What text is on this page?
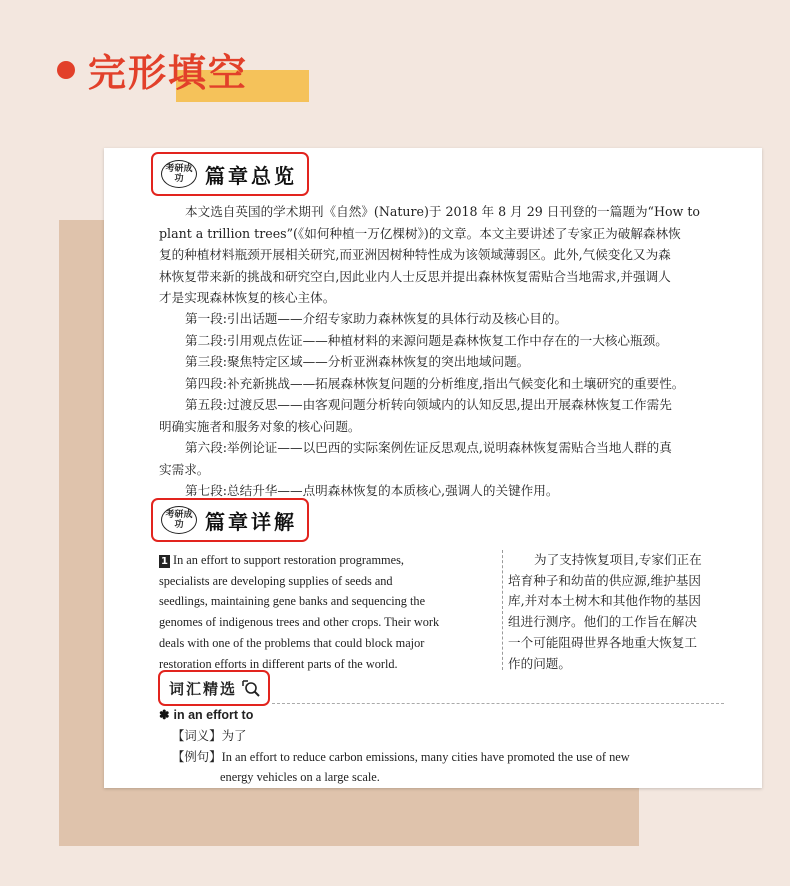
完形填空
考研成功	篇章总览
本文选自英国的学术期刊《自然》(Nature)于 2018 年 8 月 29 日刊登的一篇题为“How to
plant a trillion trees”(《如何种植一万亿棵树》)的文章。本文主要讲述了专家正为破解森林恢
复的种植材料瓶颈开展相关研究,而亚洲因树种特性成为该领域薄弱区。此外,气候变化又为森
林恢复带来新的挑战和研究空白,因此业内人士反思并提出森林恢复需贴合当地需求,并强调人
才是实现森林恢复的核心主体。
第一段:引出话题——介绍专家助力森林恢复的具体行动及核心目的。
第二段:引用观点佐证——种植材料的来源问题是森林恢复工作中存在的一大核心瓶颈。
第三段:聚焦特定区域——分析亚洲森林恢复的突出地域问题。
第四段:补充新挑战——拓展森林恢复问题的分析维度,指出气候变化和土壤研究的重要性。
第五段:过渡反思——由客观问题分析转向领域内的认知反思,提出开展森林恢复工作需先
明确实施者和服务对象的核心问题。
第六段:举例论证——以巴西的实际案例佐证反思观点,说明森林恢复需贴合当地人群的真
实需求。
第七段:总结升华——点明森林恢复的本质核心,强调人的关键作用。
考研成功	篇章详解
1 In an effort to support restoration programmes,
specialists are developing supplies of seeds and
seedlings, maintaining gene banks and sequencing the
genomes of indigenous trees and other crops. Their work
deals with one of the problems that could block major
restoration efforts in different parts of the world.
为了支持恢复项目,专家们正在
培育种子和幼苗的供应源,维护基因
库,并对本土树木和其他作物的基因
组进行测序。他们的工作旨在解决
一个可能阻碍世界各地重大恢复工
作的问题。
词汇精选
✽ in an effort to
【词义】为了
【例句】In an effort to reduce carbon emissions, many cities have promoted the use of new
energy vehicles on a large scale.
